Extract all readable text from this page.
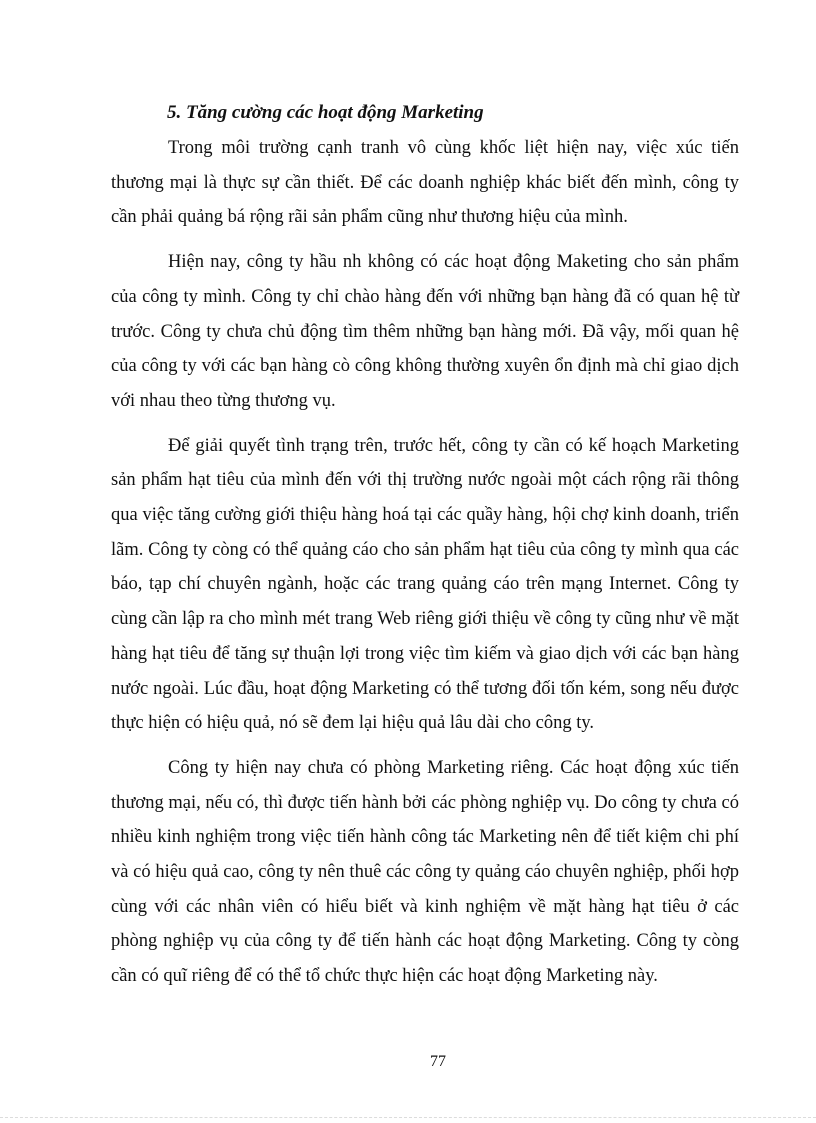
5. Tăng cường các hoạt động Marketing

Trong môi trường cạnh tranh vô cùng khốc liệt hiện nay, việc xúc tiến thương mại là thực sự cần thiết. Để các doanh nghiệp khác biết đến mình, công ty cần phải quảng bá rộng rãi sản phẩm cũng như thương hiệu của mình.

Hiện nay, công ty hầu nh không có các hoạt động Maketing cho sản phẩm của công ty mình. Công ty chỉ chào hàng đến với những bạn hàng đã có quan hệ từ trước. Công ty chưa chủ động tìm thêm những bạn hàng mới. Đã vậy, mối quan hệ của công ty với các bạn hàng cò công không thường xuyên ổn định mà chỉ giao dịch với nhau theo từng thương vụ.

Để giải quyết tình trạng trên, trước hết, công ty cần có kế hoạch Marketing sản phẩm hạt tiêu của mình đến với thị trường nước ngoài một cách rộng rãi thông qua việc tăng cường giới thiệu hàng hoá tại các quầy hàng, hội chợ kinh doanh, triển lãm. Công ty còng có thể quảng cáo cho sản phẩm hạt tiêu của công ty mình qua các báo, tạp chí chuyên ngành, hoặc các trang quảng cáo trên mạng Internet. Công ty cùng cần lập ra cho mình mét trang Web riêng giới thiệu về công ty cũng như về mặt hàng hạt tiêu để tăng sự thuận lợi trong việc tìm kiếm và giao dịch với các bạn hàng nước ngoài. Lúc đầu, hoạt động Marketing có thể tương đối tốn kém, song nếu được thực hiện có hiệu quả, nó sẽ đem lại hiệu quả lâu dài cho công ty.

Công ty hiện nay chưa có phòng Marketing riêng. Các hoạt động xúc tiến thương mại, nếu có, thì được tiến hành bởi các phòng nghiệp vụ. Do công ty chưa có nhiều kinh nghiệm trong việc tiến hành công tác Marketing nên để tiết kiệm chi phí và có hiệu quả cao, công ty nên thuê các công ty quảng cáo chuyên nghiệp, phối hợp cùng với các nhân viên có hiểu biết và kinh nghiệm về mặt hàng hạt tiêu ở các phòng nghiệp vụ của công ty để tiến hành các hoạt động Marketing. Công ty còng cần có quĩ riêng để có thể tổ chức thực hiện các hoạt động Marketing này.

77
